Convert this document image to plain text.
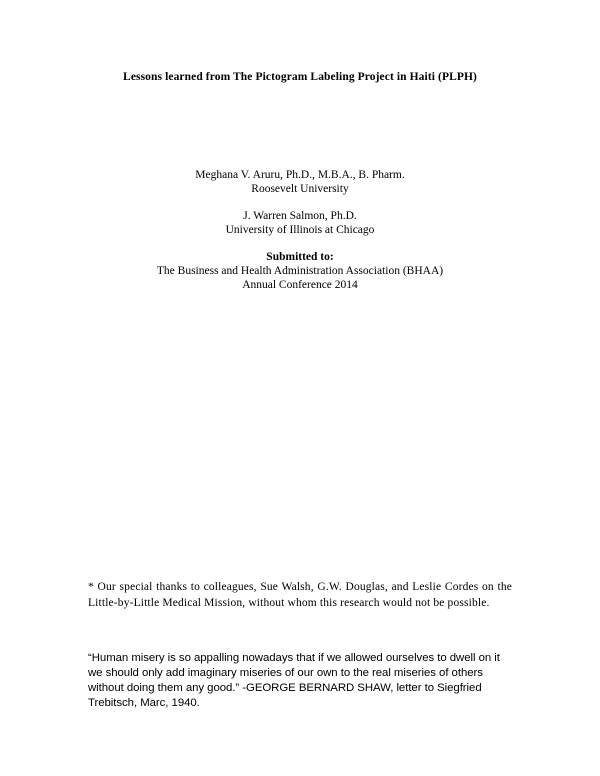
Lessons learned from The Pictogram Labeling Project in Haiti (PLPH)
Meghana V. Aruru, Ph.D., M.B.A., B. Pharm.
Roosevelt University
J. Warren Salmon, Ph.D.
University of Illinois at Chicago
Submitted to:
The Business and Health Administration Association (BHAA)
Annual Conference 2014
* Our special thanks to colleagues, Sue Walsh, G.W. Douglas, and Leslie Cordes on the Little-by-Little Medical Mission, without whom this research would not be possible.
“Human misery is so appalling nowadays that if we allowed ourselves to dwell on it we should only add imaginary miseries of our own to the real miseries of others without doing them any good.” -GEORGE BERNARD SHAW, letter to Siegfried Trebitsch, Marc, 1940.
